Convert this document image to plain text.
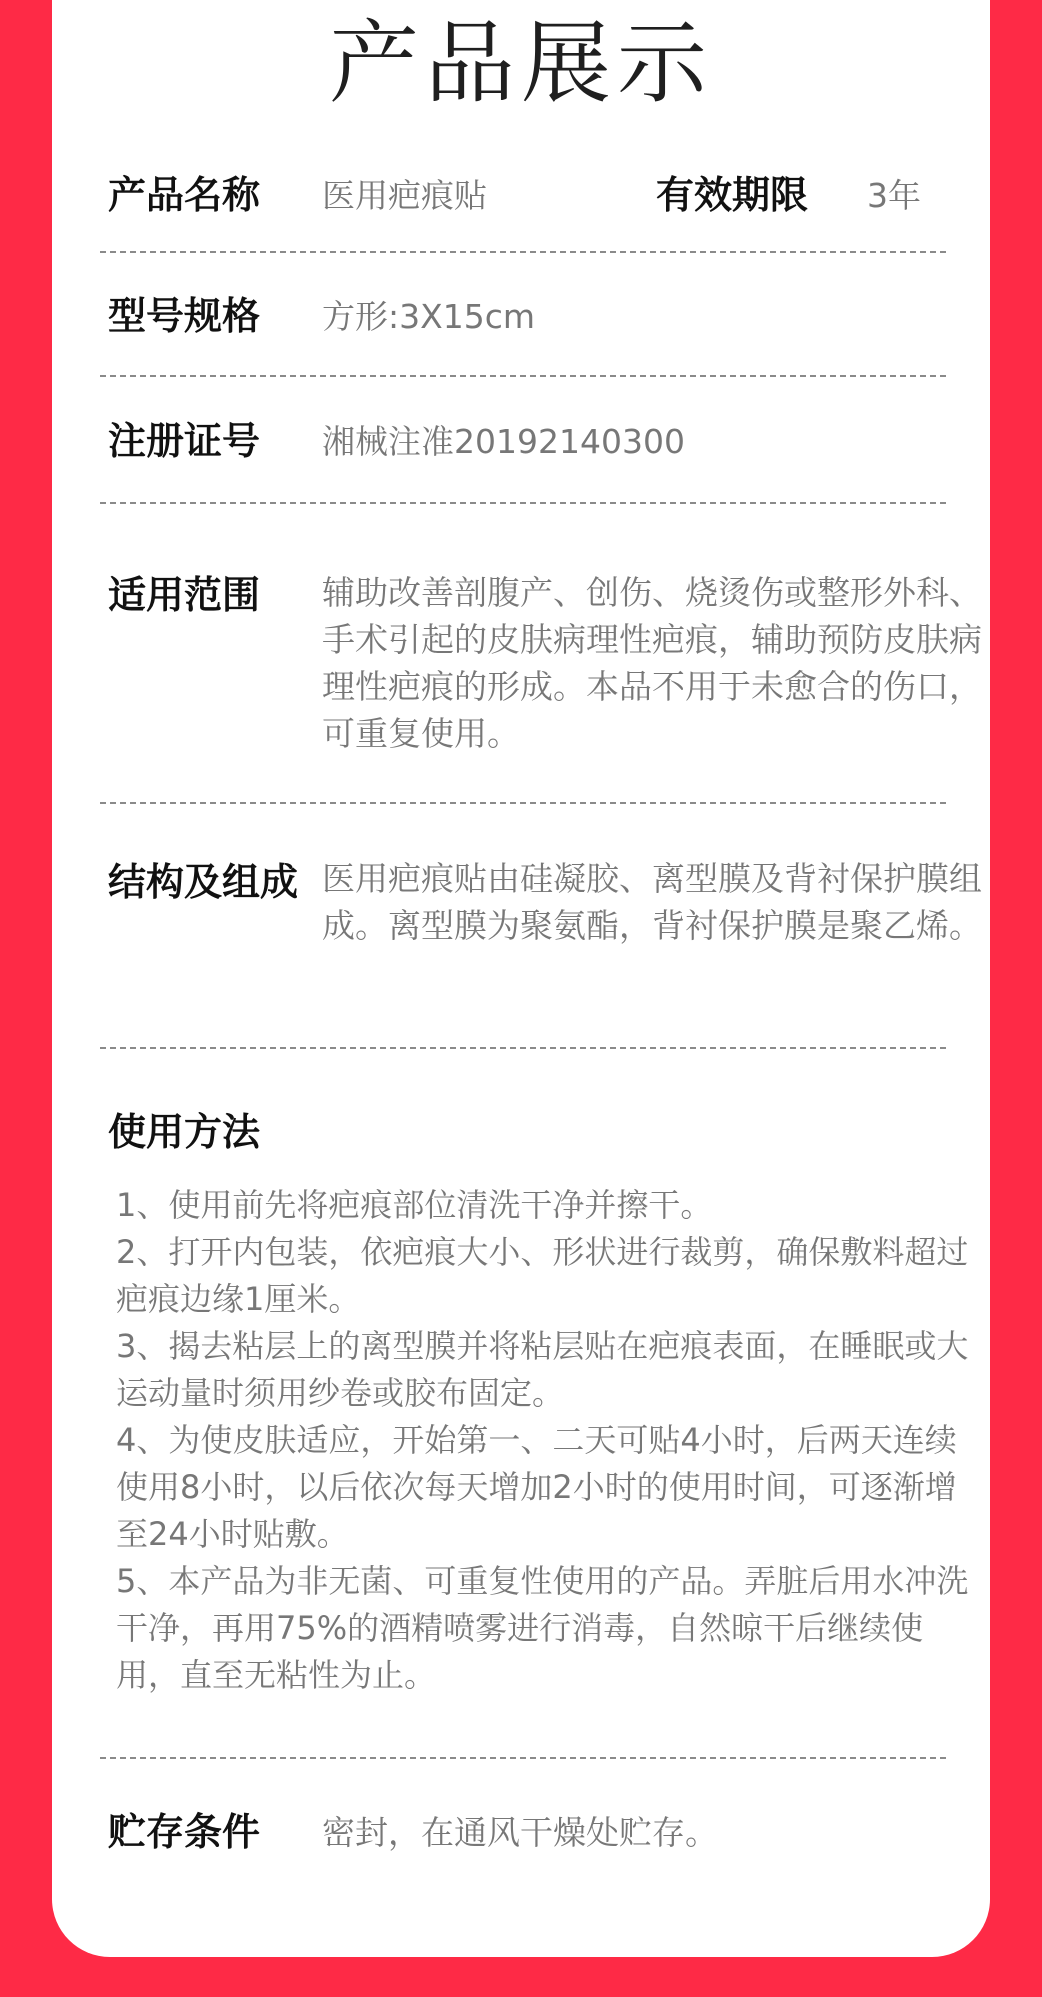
产品展示
产品名称 医用疤痕贴	有效期限 3年
型号规格 方形:3X15cm
注册证号 湘械注准20192140300
适用范围 辅助改善剖腹产、创伤、烧烫伤或整形外科、手术引起的皮肤病理性疤痕，辅助预防皮肤病理性疤痕的形成。本品不用于未愈合的伤口，可重复使用。
结构及组成 医用疤痕贴由硅凝胶、离型膜及背衬保护膜组成。离型膜为聚氨酯，背衬保护膜是聚乙烯。
使用方法
1、使用前先将疤痕部位清洗干净并擦干。
2、打开内包装，依疤痕大小、形状进行裁剪，确保敷料超过疤痕边缘1厘米。
3、揭去粘层上的离型膜并将粘层贴在疤痕表面，在睡眠或大运动量时须用纱卷或胶布固定。
4、为使皮肤适应，开始第一、二天可贴4小时，后两天连续使用8小时，以后依次每天增加2小时的使用时间，可逐渐增至24小时贴敷。
5、本产品为非无菌、可重复性使用的产品。弄脏后用水冲洗干净，再用75%的酒精喷雾进行消毒，自然晾干后继续使用，直至无粘性为止。
贮存条件 密封，在通风干燥处贮存。
